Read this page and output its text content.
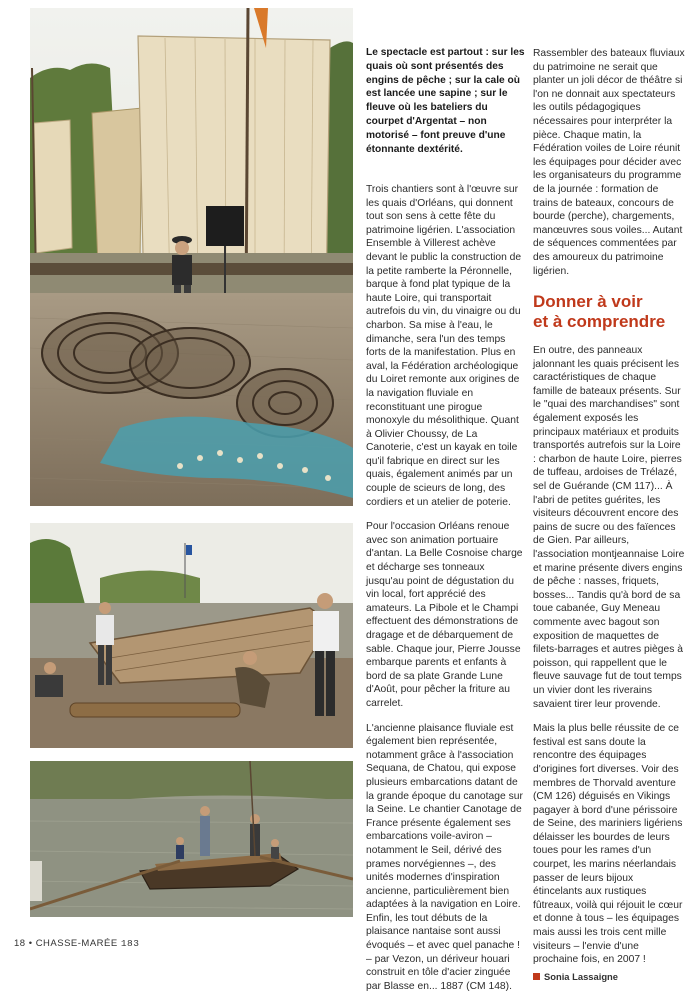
Le spectacle est partout : sur les quais où sont présentés des engins de pêche ; sur la cale où est lancée une sapine ; sur le fleuve où les bateliers du courpet d'Argentat – non motorisé – font preuve d'une étonnante dextérité.

Trois chantiers sont à l'œuvre sur les quais d'Orléans, qui donnent tout son sens à cette fête du patrimoine ligérien. L'association Ensemble à Villerest achève devant le public la construction de la petite ramberte la Péronnelle, barque à fond plat typique de la haute Loire, qui transportait autrefois du vin, du vinaigre ou du charbon. Sa mise à l'eau, le dimanche, sera l'un des temps forts de la manifestation. Plus en aval, la Fédération archéologique du Loiret remonte aux origines de la navigation fluviale en reconstituant une pirogue monoxyle du mésolithique. Quant à Olivier Choussy, de La Canoterie, c'est un kayak en toile qu'il fabrique en direct sur les quais, également animés par un couple de scieurs de long, des cordiers et un atelier de poterie.

Pour l'occasion Orléans renoue avec son animation portuaire d'antan. La Belle Cosnoise charge et décharge ses tonneaux jusqu'au point de dégustation du vin local, fort apprécié des amateurs. La Pibole et le Champi effectuent des démonstrations de dragage et de débarquement de sable. Chaque jour, Pierre Jousse embarque parents et enfants à bord de sa plate Grande Lune d'Août, pour pêcher la friture au carrelet.

L'ancienne plaisance fluviale est également bien représentée, notamment grâce à l'association Sequana, de Chatou, qui expose plusieurs embarcations datant de la grande époque du canotage sur la Seine. Le chantier Canotage de France présente également ses embarcations voile-aviron – notamment le Seil, dérivé des prames norvégiennes –, des unités modernes d'inspiration ancienne, particulièrement bien adaptées à la navigation en Loire. Enfin, les tout débuts de la plaisance nantaise sont aussi évoqués – et avec quel panache ! – par Vezon, un dériveur houari construit en tôle d'acier zinguée par Blasse en... 1887 (CM 148).

Rassembler des bateaux fluviaux du patrimoine ne serait que planter un joli décor de théâtre si l'on ne donnait aux spectateurs les outils pédagogiques nécessaires pour interpréter la pièce. Chaque matin, la Fédération voiles de Loire réunit les équipages pour décider avec les organisateurs du programme de la journée : formation de trains de bateaux, concours de bourde (perche), chargements, manœuvres sous voiles... Autant de séquences commentées par des amoureux du patrimoine ligérien.

Donner à voir
et à comprendre

En outre, des panneaux jalonnant les quais précisent les caractéristiques de chaque famille de bateaux présents. Sur le "quai des marchandises" sont également exposés les principaux matériaux et produits transportés autrefois sur la Loire : charbon de haute Loire, pierres de tuffeau, ardoises de Trélazé, sel de Guérande (CM 117)... À l'abri de petites guérites, les visiteurs découvrent encore des pains de sucre ou des faïences de Gien. Par ailleurs, l'association montjeannaise Loire et marine présente divers engins de pêche : nasses, friquets, bosses... Tandis qu'à bord de sa toue cabanée, Guy Meneau commente avec bagout son exposition de maquettes de filets-barrages et autres pièges à poisson, qui rappellent que le fleuve sauvage fut de tout temps un vivier dont les riverains savaient tirer leur provende.

Mais la plus belle réussite de ce festival est sans doute la rencontre des équipages d'origines fort diverses. Voir des membres de Thorvald aventure (CM 126) déguisés en Vikings pagayer à bord d'une périssoire de Seine, des mariniers ligériens délaisser les bourdes de leurs toues pour les rames d'un courpet, les marins néerlandais passer de leurs bijoux étincelants aux rustiques fûtreaux, voilà qui réjouit le cœur et donne à tous – les équipages mais aussi les trois cent mille visiteurs – l'envie d'une prochaine fois, en 2007 !

Sonia Lassaigne
18 • CHASSE-MARÉE 183
